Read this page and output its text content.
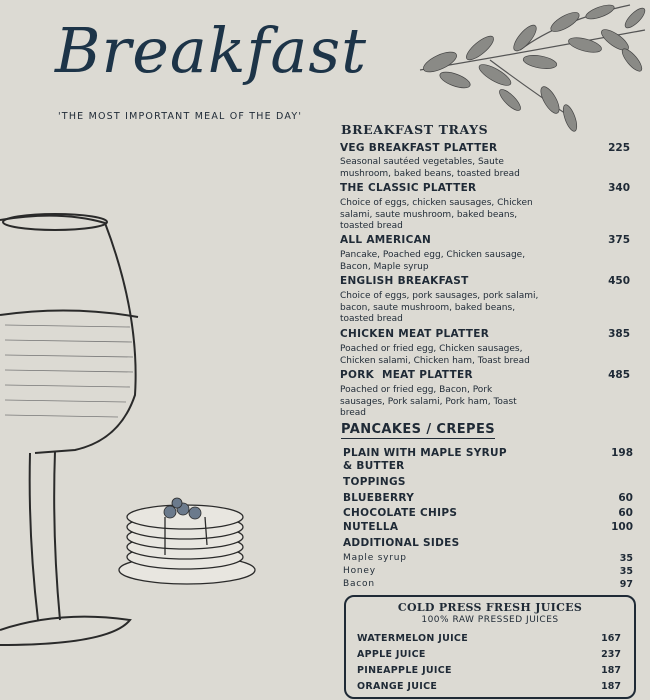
Breakfast
'THE MOST IMPORTANT MEAL OF THE DAY'
BREAKFAST TRAYS
VEG BREAKFAST PLATTER	225
Seasonal sautéed vegetables, Saute
mushroom, baked beans, toasted bread
THE CLASSIC PLATTER	340
Choice of eggs, chicken sausages, Chicken
salami, saute mushroom, baked beans,
toasted bread
ALL AMERICAN	375
Pancake, Poached egg, Chicken sausage,
Bacon, Maple syrup
ENGLISH BREAKFAST	450
Choice of eggs, pork sausages, pork salami,
bacon, saute mushroom, baked beans,
toasted bread
CHICKEN MEAT PLATTER	385
Poached or fried egg, Chicken sausages,
Chicken salami, Chicken ham, Toast bread
PORK  MEAT PLATTER	485
Poached or fried egg, Bacon, Pork
sausages, Pork salami, Pork ham, Toast
bread
PANCAKES / CREPES
PLAIN WITH MAPLE SYRUP
& BUTTER
198
TOPPINGS
BLUEBERRY	60
CHOCOLATE CHIPS	60
NUTELLA	100
ADDITIONAL SIDES
Maple syrup	35
Honey	35
Bacon	97
COLD PRESS FRESH JUICES
100% RAW PRESSED JUICES
WATERMELON JUICE	167
APPLE JUICE	237
PINEAPPLE JUICE	187
ORANGE JUICE	187
